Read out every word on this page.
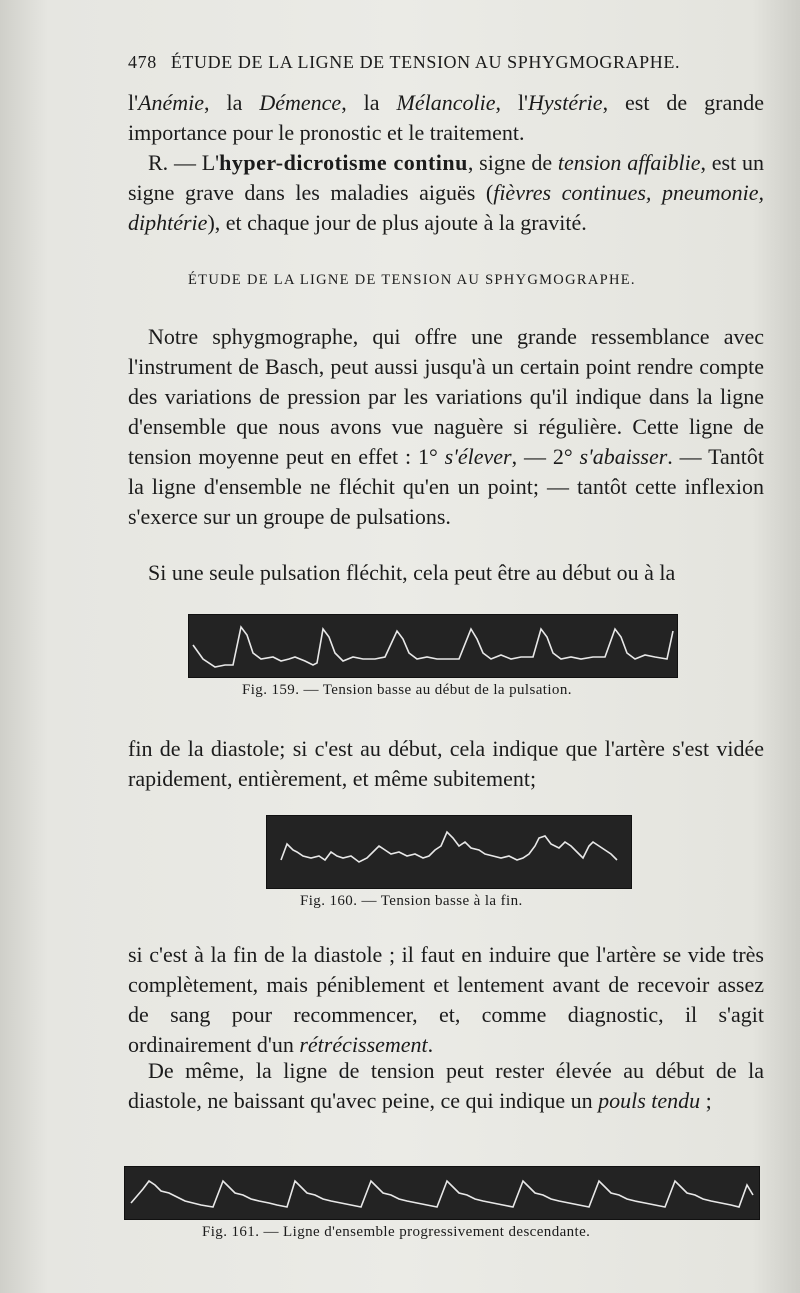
478 ÉTUDE DE LA LIGNE DE TENSION AU SPHYGMOGRAPHE.
l'Anémie, la Démence, la Mélancolie, l'Hystérie, est de grande importance pour le pronostic et le traitement.
R. — L'hyper-dicrotisme continu, signe de tension affaiblie, est un signe grave dans les maladies aiguës (fièvres continues, pneumonie, diphtérie), et chaque jour de plus ajoute à la gravité.
ÉTUDE DE LA LIGNE DE TENSION AU SPHYGMOGRAPHE.
Notre sphygmographe, qui offre une grande ressemblance avec l'instrument de Basch, peut aussi jusqu'à un certain point rendre compte des variations de pression par les variations qu'il indique dans la ligne d'ensemble que nous avons vue naguère si régulière. Cette ligne de tension moyenne peut en effet : 1° s'élever, — 2° s'abaisser. — Tantôt la ligne d'ensemble ne fléchit qu'en un point; — tantôt cette inflexion s'exerce sur un groupe de pulsations.
Si une seule pulsation fléchit, cela peut être au début ou à la
Fig. 159. — Tension basse au début de la pulsation.
fin de la diastole; si c'est au début, cela indique que l'artère s'est vidée rapidement, entièrement, et même subitement;
Fig. 160. — Tension basse à la fin.
si c'est à la fin de la diastole ; il faut en induire que l'artère se vide très complètement, mais péniblement et lentement avant de recevoir assez de sang pour recommencer, et, comme diagnostic, il s'agit ordinairement d'un rétrécissement.
De même, la ligne de tension peut rester élevée au début de la diastole, ne baissant qu'avec peine, ce qui indique un pouls tendu ;
Fig. 161. — Ligne d'ensemble progressivement descendante.
